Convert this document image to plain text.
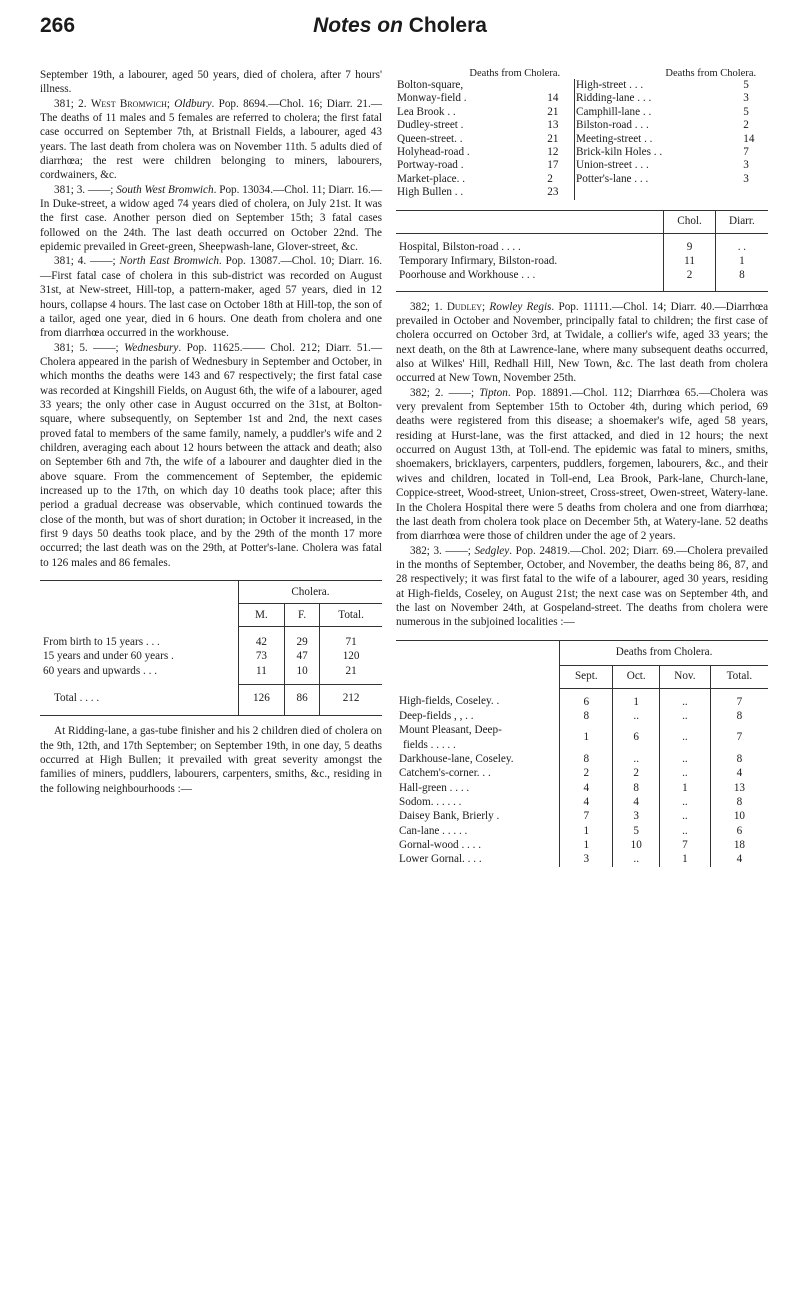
266	Notes on Cholera

September 19th, a labourer, aged 50 years, died of cholera, after 7 hours' illness.

381; 2. West Bromwich; Oldbury. Pop. 8694.—Chol. 16; Diarr. 21.—The deaths of 11 males and 5 females are referred to cholera; the first fatal case occurred on September 7th, at Bristnall Fields, a labourer, aged 43 years. The last death from cholera was on November 11th. 5 adults died of diarrhœa; the rest were children belonging to miners, labourers, cordwainers, &c.

381; 3. ——; South West Bromwich. Pop. 13034.—Chol. 11; Diarr. 16.—In Duke-street, a widow aged 74 years died of cholera, on July 21st. It was the first case. Another person died on September 15th; 3 fatal cases followed on the 24th. The last death occurred on October 22nd. The epidemic prevailed in Greet-green, Sheepwash-lane, Glover-street, &c.

381; 4. ——; North East Bromwich. Pop. 13087.—Chol. 10; Diarr. 16.—First fatal case of cholera in this sub-district was recorded on August 31st, at New-street, Hill-top, a pattern-maker, aged 57 years, died in 12 hours, collapse 4 hours. The last case on October 18th at Hill-top, the son of a tailor, aged one year, died in 6 hours. One death from cholera and one from diarrhœa occurred in the workhouse.

381; 5. ——; Wednesbury. Pop. 11625.—— Chol. 212; Diarr. 51.—Cholera appeared in the parish of Wednesbury in September and October, in which months the deaths were 143 and 67 respectively; the first fatal case was recorded at Kingshill Fields, on August 6th, the wife of a labourer, aged 33 years; the only other case in August occurred on the 31st, at Bolton-square, where subsequently, on September 1st and 2nd, the next cases proved fatal to members of the same family, namely, a puddler's wife and 2 children, averaging each about 12 hours between the attack and death; also on September 6th and 7th, the wife of a labourer and daughter died in the above square. From the commencement of September, the epidemic increased up to the 17th, on which day 10 deaths took place; after this period a gradual decrease was observable, which continued towards the close of the month, but was of short duration; in October it increased, in the first 9 days 50 deaths took place, and by the 29th of the month 17 more occurred; the last death was on the 29th, at Potter's-lane. Cholera was fatal to 126 males and 86 females.

	Cholera.		
	M.	F.	Total.
From birth to 15 years . . .	42	29	71
15 years and under 60 years .	73	47	120
60 years and upwards . . .	11	10	21
Total . . . .	126	86	212

At Ridding-lane, a gas-tube finisher and his 2 children died of cholera on the 9th, 12th, and 17th September; on September 19th, in one day, 5 deaths occurred at High Bullen; it prevailed with great severity amongst the families of miners, puddlers, labourers, carpenters, smiths, &c., residing in the following neighbourhoods :—

Deaths from Cholera.		Deaths from Cholera.	
Bolton-square,		High-street . . .	5
Monway-field .	14	Ridding-lane . . .	3
Lea Brook . .	21	Camphill-lane . .	5
Dudley-street .	13	Bilston-road . . .	2
Queen-street. .	21	Meeting-street . .	14
Holyhead-road .	12	Brick-kiln Holes . .	7
Portway-road .	17	Union-street . . .	3
Market-place. .	2	Potter's-lane . . .	3
High Bullen . .	23		
	Chol.	Diarr.
Hospital, Bilston-road . . . .	9	. .
Temporary Infirmary, Bilston-road.	11	1
Poorhouse and Workhouse . . .	2	8

382; 1. Dudley; Rowley Regis. Pop. 11111.—Chol. 14; Diarr. 40.—Diarrhœa prevailed in October and November, principally fatal to children; the first case of cholera occurred on October 3rd, at Twidale, a collier's wife, aged 33 years; the next death, on the 8th at Lawrence-lane, where many subsequent deaths occurred, also at Wilkes' Hill, Redhall Hill, New Town, &c. The last death from cholera occurred at New Town, November 25th.

382; 2. ——; Tipton. Pop. 18891.—Chol. 112; Diarrhœa 65.—Cholera was very prevalent from September 15th to October 4th, during which period, 69 deaths were registered from this disease; a shoemaker's wife, aged 58 years, residing at Hurst-lane, was the first attacked, and died in 12 hours; the next occurred on August 13th, at Toll-end. The epidemic was fatal to miners, smiths, shoemakers, bricklayers, carpenters, puddlers, forgemen, labourers, &c., and their wives and children, located in Toll-end, Lea Brook, Park-lane, Church-lane, Coppice-street, Wood-street, Union-street, Cross-street, Owen-street, Watery-lane. In the Cholera Hospital there were 5 deaths from cholera and one from diarrhœa; the last death from cholera took place on December 5th, at Watery-lane. 52 deaths from diarrhœa were those of children under the age of 2 years.

382; 3. ——; Sedgley. Pop. 24819.—Chol. 202; Diarr. 69.—Cholera prevailed in the months of September, October, and November, the deaths being 86, 87, and 28 respectively; it was first fatal to the wife of a labourer, aged 30 years, residing at High-fields, Coseley, on August 21st; the next case was on September 4th, and the last on November 24th, at Gospeland-street. The deaths from cholera were numerous in the subjoined localities :—

	Deaths from Cholera.			
	Sept.	Oct.	Nov.	Total.
High-fields, Coseley. .	6	1	..	7
Deep-fields , , . .	8	..	..	8
Mount Pleasant, Deep-
fields . . . . .	1	6	..	7
Darkhouse-lane, Coseley.	8	..	..	8
Catchem's-corner. . .	2	2	..	4
Hall-green . . . .	4	8	1	13
Sodom. . . . . .	4	4	..	8
Daisey Bank, Brierly .	7	3	..	10
Can-lane . . . . .	1	5	..	6
Gornal-wood . . . .	1	10	7	18
Lower Gornal. . . .	3	..	1	4
